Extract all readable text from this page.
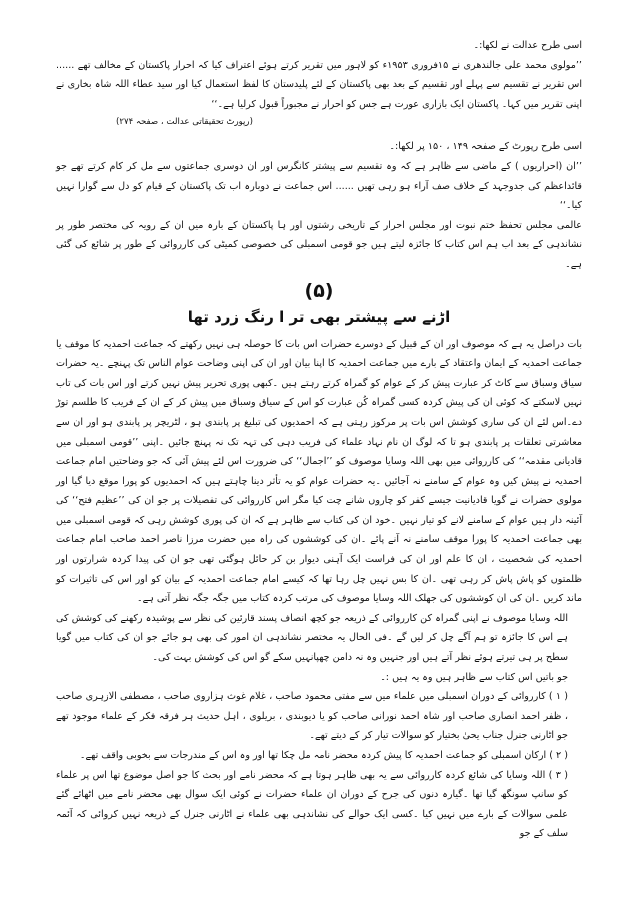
اسی طرح عدالت نے لکھا:۔

’’مولوی محمد علی جالندھری نے ۱۵فروری ۱۹۵۳ء کو لاہور میں تقریر کرتے ہوئے اعتراف کیا کہ احرار پاکستان کے مخالف تھے ...... اس تقریر نے تقسیم سے پہلے اور تقسیم کے بعد بھی پاکستان کے لئے پلیدستان کا لفظ استعمال کیا اور سید عطاء اللہ شاہ بخاری نے اپنی تقریر میں کہا۔ پاکستان ایک بازاری عورت ہے جس کو احرار نے مجبوراً قبول کرلیا ہے۔‘‘

(رپورٹ تحقیقاتی عدالت ، صفحہ ۲۷۴)

اسی طرح رپورٹ کے صفحہ ۱۴۹ ، ۱۵۰ پر لکھا:۔

’’ان (احراریوں ) کے ماضی سے ظاہر ہے کہ وہ تقسیم سے پیشتر کانگرس اور ان دوسری جماعتوں سے مل کر کام کرتے تھے جو قائداعظم کی جدوجہد کے خلاف صف آراء ہو رہی تھیں ...... اس جماعت نے دوبارہ اب تک پاکستان کے قیام کو دل سے گوارا نہیں کیا۔‘‘

عالمی مجلس تحفظ ختم نبوت اور مجلس احرار کے تاریخی رشتوں اور ہا پاکستان کے بارہ میں ان کے رویہ کی مختصر طور پر نشاندہی کے بعد اب ہم اس کتاب کا جائزہ لیتے ہیں جو قومی اسمبلی کی خصوصی کمیٹی کی کارروائی کے طور پر شائع کی گئی ہے۔

(۵)
اڑنے سے پیشتر بھی تر ا رنگ زرد تھا

بات دراصل یہ ہے کہ موصوف اور ان کے قبیل کے دوسرے حضرات اس بات کا حوصلہ ہی نہیں رکھتے کہ جماعت احمدیہ کا موقف یا جماعت احمدیہ کے ایمان واعتقاد کے بارے میں جماعت احمدیہ کا اپنا بیان اور ان کی اپنی وضاحت عوام الناس تک پہنچے ۔یہ حضرات سیاق وسباق سے کاٹ کر عبارت پیش کر کے عوام کو گمراہ کرتے رہتے ہیں ۔کبھی پوری تحریر پیش نہیں کرتے اور اس بات کی تاب نہیں لاسکتے کہ کوئی ان کی پیش کردہ کسی گمراہ کُن عبارت کو اس کے سیاق وسباق میں پیش کر کے ان کے فریب کا طلسم توڑ دے۔اس لئے ان کی ساری کوشش اس بات پر مرکوز رہتی ہے کہ احمدیوں کی تبلیغ پر پابندی ہو ، لٹریچر پر پابندی ہو اور ان سے معاشرتی تعلقات پر پابندی ہو تا کہ لوگ ان نام نہاد علماء کی فریب دہی کی تہہ تک نہ پہنچ جائیں ۔اپنی ’’قومی اسمبلی میں قادیانی مقدمہ‘‘ کی کارروائی میں بھی اللہ وسایا موصوف کو ’’اجمال‘‘ کی ضرورت اس لئے پیش آئی کہ جو وضاحتیں امام جماعت احمدیہ نے پیش کیں وہ عوام کے سامنے نہ آجائیں ۔یہ حضرات عوام کو یہ تأثر دینا چاہتے ہیں کہ احمدیوں کو پورا موقع دیا گیا اور مولوی حضرات نے گویا قادیانیت جیسے کفر کو چاروں شانے چت کیا مگر اس کارروائی کی تفصیلات پر جو ان کی ’’عظیم فتح‘‘ کی آئینہ دار ہیں عوام کے سامنے لانے کو تیار نہیں ۔خود ان کی کتاب سے ظاہر ہے کہ ان کی پوری کوشش رہی کہ قومی اسمبلی میں بھی جماعت احمدیہ کا پورا موقف سامنے نہ آنے پائے ۔ان کی کوششوں کی راہ میں حضرت مرزا ناصر احمد صاحب امام جماعت احمدیہ کی شخصیت ، ان کا علم اور ان کی فراست ایک آہنی دیوار بن کر حائل ہوگئی تھی جو ان کی پیدا کردہ شرارتوں اور ظلمتوں کو پاش پاش کر رہی تھی ۔ان کا بس نہیں چل رہا تھا کہ کیسے امام جماعت احمدیہ کے بیان کو اور اس کی تاثیرات کو ماند کریں ۔ان کی ان کوششوں کی جھلک اللہ وسایا موصوف کی مرتب کردہ کتاب میں جگہ جگہ نظر آتی ہے۔

اللہ وسایا موصوف نے اپنی گمراہ کن کارروائی کے ذریعہ جو کچھ انصاف پسند قارئین کی نظر سے پوشیدہ رکھنے کی کوشش کی ہے اس کا جائزہ تو ہم آگے چل کر لیں گے ۔فی الحال یہ مختصر نشاندہی ان امور کی بھی ہو جائے جو ان کی کتاب میں گویا سطح پر ہی تیرتے ہوئے نظر آتے ہیں اور جنہیں وہ نہ دامن چھپانہیں سکے گو اس کی کوشش بہت کی۔

جو باتیں اس کتاب سے ظاہر ہیں وہ یہ ہیں :۔

( ۱ ) کارروائی کے دوران اسمبلی میں علماء میں سے مفتی محمود صاحب ، غلام غوث ہزاروی صاحب ، مصطفی الازہری صاحب ، ظفر احمد انصاری صاحب اور شاہ احمد نورانی صاحب کو یا دیوبندی ، بریلوی ، اہل حدیث ہر فرقہ فکر کے علماء موجود تھے جو اٹارنی جنرل جناب یحیٰ بختیار کو سوالات تیار کر کے دیتے تھے۔

( ۲ ) ارکان اسمبلی کو جماعت احمدیہ کا پیش کردہ محضر نامہ مل چکا تھا اور وہ اس کے مندرجات سے بخوبی واقف تھے۔

( ۳ ) اللہ وسایا کی شائع کردہ کارروائی سے یہ بھی ظاہر ہوتا ہے کہ محضر نامے اور بحث کا جو اصل موضوع تھا اس پر علماء کو سانپ سونگھ گیا تھا ۔گیارہ دنوں کی جرح کے دوران ان علماء حضرات نے کوئی ایک سوال بھی محضر نامے میں اٹھائے گئے علمی سوالات کے بارے میں نہیں کیا ۔کسی ایک حوالے کی نشاندہی بھی علماء نے اٹارنی جنرل کے ذریعہ نہیں کروائی کہ آئمہ سلف کے جو
